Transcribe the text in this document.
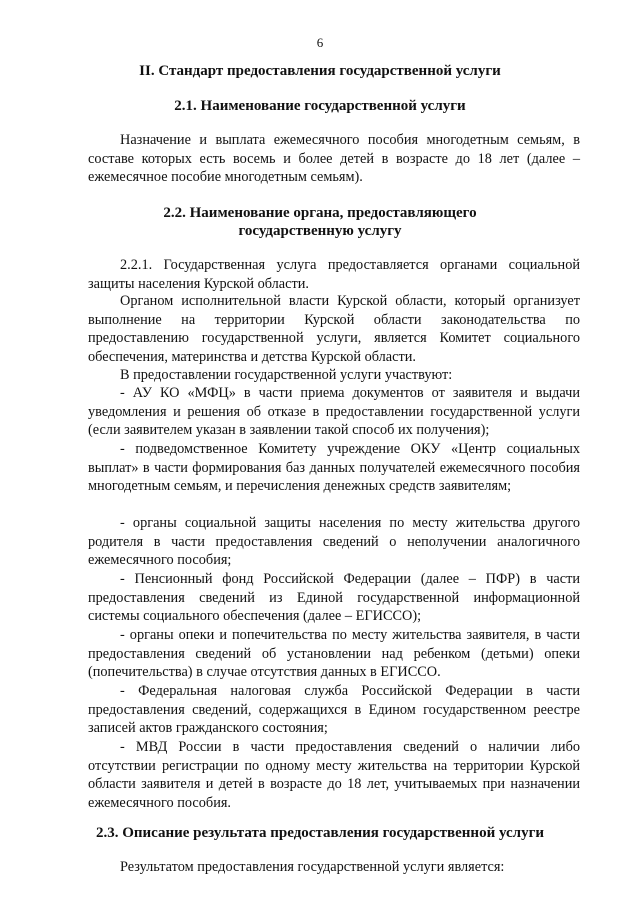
6
II. Стандарт предоставления государственной услуги
2.1. Наименование государственной услуги
Назначение и выплата ежемесячного пособия многодетным семьям, в составе которых есть восемь и более детей в возрасте до 18 лет (далее – ежемесячное пособие многодетным семьям).
2.2. Наименование органа, предоставляющего
государственную услугу
2.2.1. Государственная услуга предоставляется органами социальной защиты населения Курской области.
Органом исполнительной власти Курской области, который организует выполнение на территории Курской области законодательства по предоставлению государственной услуги, является Комитет социального обеспечения, материнства и детства Курской области.
В предоставлении государственной услуги участвуют:
- АУ КО «МФЦ» в части приема документов от заявителя и выдачи уведомления и решения об отказе в предоставлении государственной услуги (если заявителем указан в заявлении такой способ их получения);
- подведомственное Комитету учреждение ОКУ «Центр социальных выплат» в части формирования баз данных получателей ежемесячного пособия многодетным семьям, и перечисления денежных средств заявителям;
- органы социальной защиты населения по месту жительства другого родителя в части предоставления сведений о неполучении аналогичного ежемесячного пособия;
- Пенсионный фонд Российской Федерации (далее – ПФР) в части предоставления сведений из Единой государственной информационной системы социального обеспечения (далее – ЕГИССО);
- органы опеки и попечительства по месту жительства заявителя, в части предоставления сведений об установлении над ребенком (детьми) опеки (попечительства) в случае отсутствия данных в ЕГИССО.
- Федеральная налоговая служба Российской Федерации в части предоставления сведений, содержащихся в Едином государственном реестре записей актов гражданского состояния;
- МВД России в части предоставления сведений о наличии либо отсутствии регистрации по одному месту жительства на территории Курской области заявителя и детей в возрасте до 18 лет, учитываемых при назначении ежемесячного пособия.
2.3. Описание результата предоставления государственной услуги
Результатом предоставления государственной услуги является:
